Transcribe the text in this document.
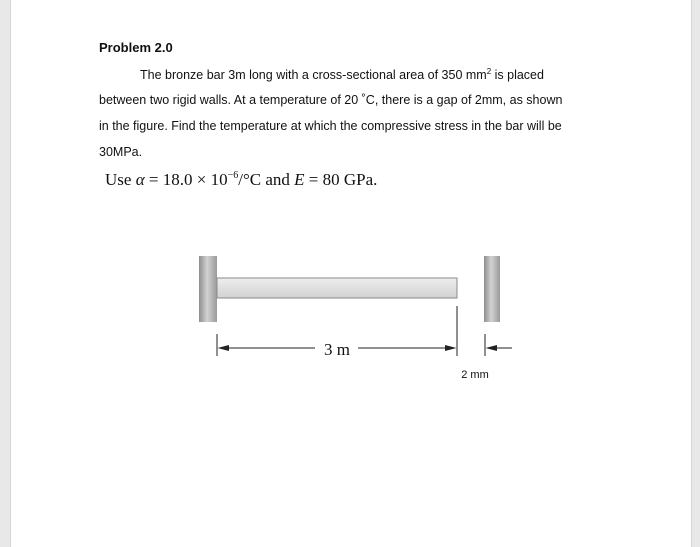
Problem 2.0
The bronze bar 3m long with a cross-sectional area of 350 $mm^2$ is placed
between two rigid walls. At a temperature of 20 ˚C, there is a gap of 2mm, as shown
in the figure. Find the temperature at which the compressive stress in the bar will be
30MPa.
Use $\alpha = 18.0 \times 10^{-6}/^\circ C$ and E = 80 GPa.
3 m
2 mm
